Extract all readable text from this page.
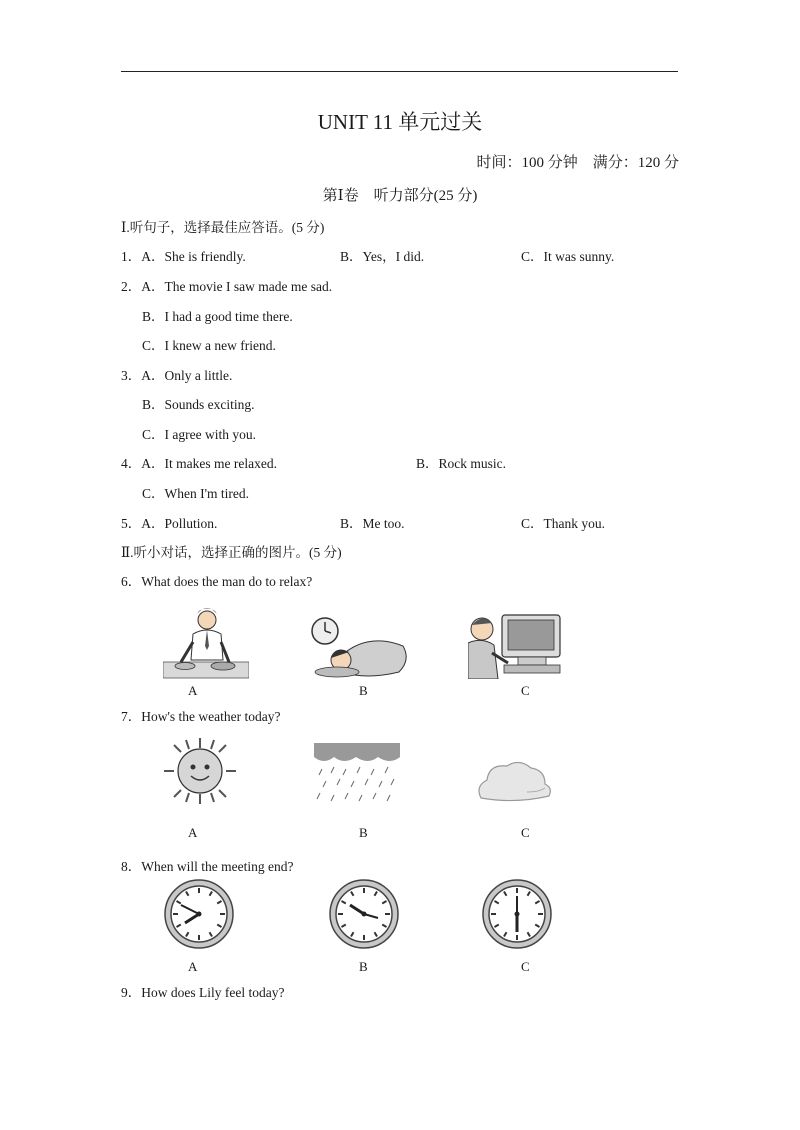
UNIT 11 单元过关
时间：100 分钟　满分：120 分
第Ⅰ卷　听力部分(25 分)
Ⅰ.听句子，选择最佳应答语。(5 分)
1．A．She is friendly.	B．Yes，I did.	C．It was sunny.
2．A．The movie I saw made me sad.
B．I had a good time there.
C．I knew a new friend.
3．A．Only a little.
B．Sounds exciting.
C．I agree with you.
4．A．It makes me relaxed.	B．Rock music.
C．When I'm tired.
5．A．Pollution.	B．Me too.	C．Thank you.
Ⅱ.听小对话，选择正确的图片。(5 分)
6．What does the man do to relax?
A	B	C
7．How's the weather today?
A	B	C
8．When will the meeting end?
A	B	C
9．How does Lily feel today?
